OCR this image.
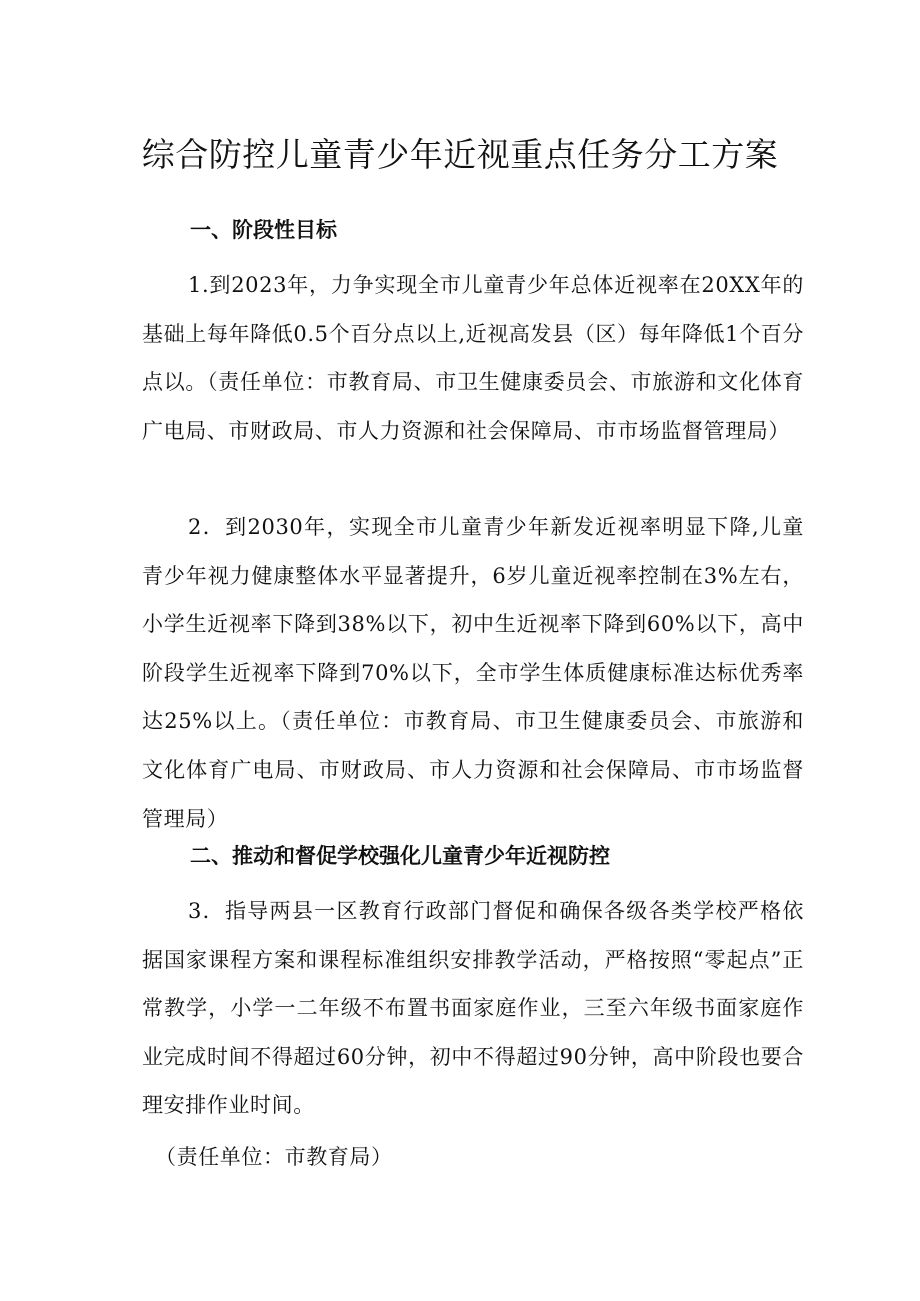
综合防控儿童青少年近视重点任务分工方案
一、阶段性目标

1.到2023年，力争实现全市儿童青少年总体近视率在20XX年的基础上每年降低0.5个百分点以上,近视高发县（区）每年降低1个百分点以。（责任单位：市教育局、市卫生健康委员会、市旅游和文化体育广电局、市财政局、市人力资源和社会保障局、市市场监督管理局）

2．到2030年，实现全市儿童青少年新发近视率明显下降,儿童青少年视力健康整体水平显著提升，6岁儿童近视率控制在3%左右，小学生近视率下降到38%以下，初中生近视率下降到60%以下，高中阶段学生近视率下降到70%以下，全市学生体质健康标准达标优秀率达25%以上。（责任单位：市教育局、市卫生健康委员会、市旅游和文化体育广电局、市财政局、市人力资源和社会保障局、市市场监督管理局）

二、推动和督促学校强化儿童青少年近视防控

3．指导两县一区教育行政部门督促和确保各级各类学校严格依据国家课程方案和课程标准组织安排教学活动，严格按照“零起点”正常教学，小学一二年级不布置书面家庭作业，三至六年级书面家庭作业完成时间不得超过60分钟，初中不得超过90分钟，高中阶段也要合理安排作业时间。

（责任单位：市教育局）
